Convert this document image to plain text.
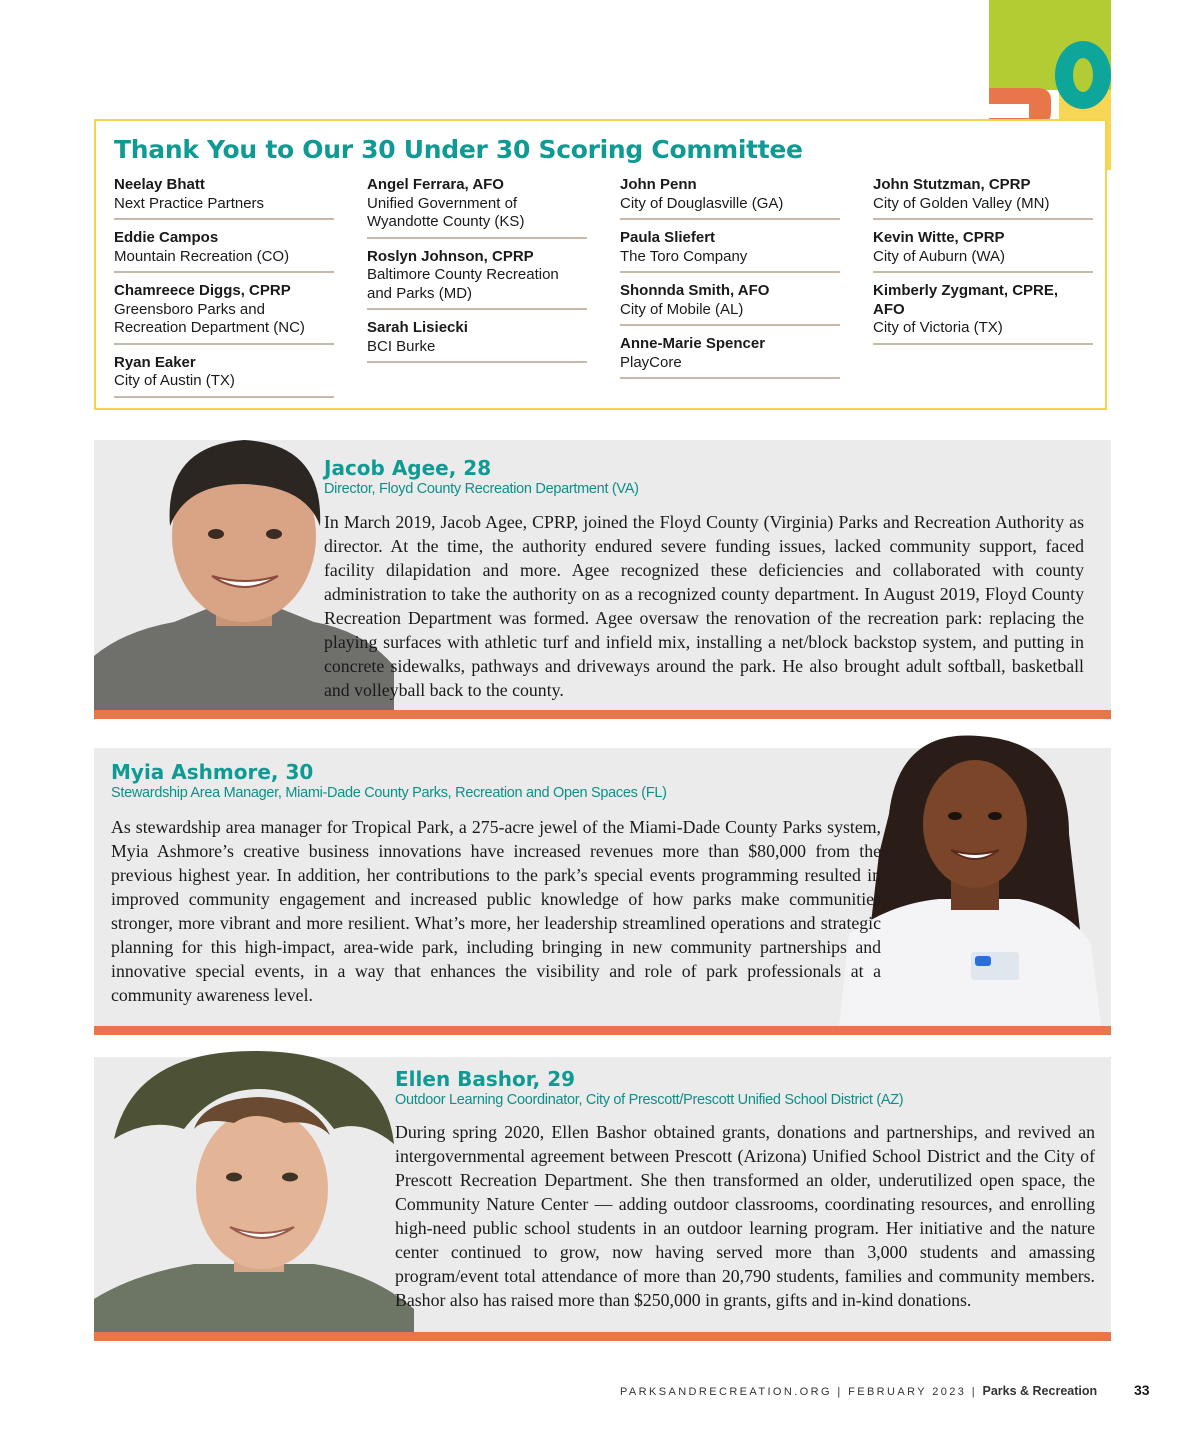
Thank You to Our 30 Under 30 Scoring Committee
Neelay Bhatt
Next Practice Partners
Eddie Campos
Mountain Recreation (CO)
Chamreece Diggs, CPRP
Greensboro Parks and Recreation Department (NC)
Ryan Eaker
City of Austin (TX)
Angel Ferrara, AFO
Unified Government of Wyandotte County (KS)
Roslyn Johnson, CPRP
Baltimore County Recreation and Parks (MD)
Sarah Lisiecki
BCI Burke
John Penn
City of Douglasville (GA)
Paula Sliefert
The Toro Company
Shonnda Smith, AFO
City of Mobile (AL)
Anne-Marie Spencer
PlayCore
John Stutzman, CPRP
City of Golden Valley (MN)
Kevin Witte, CPRP
City of Auburn (WA)
Kimberly Zygmant, CPRE, AFO
City of Victoria (TX)
Jacob Agee, 28
Director, Floyd County Recreation Department (VA)

In March 2019, Jacob Agee, CPRP, joined the Floyd County (Virginia) Parks and Recreation Authority as director. At the time, the authority endured severe funding issues, lacked community support, faced facility dilapidation and more. Agee recognized these deficiencies and collaborated with county administration to take the authority on as a recognized county department. In August 2019, Floyd County Recreation Department was formed. Agee oversaw the renovation of the recreation park: replacing the playing surfaces with athletic turf and infield mix, installing a net/block backstop system, and putting in concrete sidewalks, pathways and driveways around the park. He also brought adult softball, basketball and volleyball back to the county.

Myia Ashmore, 30
Stewardship Area Manager, Miami-Dade County Parks, Recreation and Open Spaces (FL)

As stewardship area manager for Tropical Park, a 275-acre jewel of the Miami-Dade County Parks system, Myia Ashmore’s creative business innovations have increased revenues more than $80,000 from the previous highest year. In addition, her contributions to the park’s special events programming resulted in improved community engagement and increased public knowledge of how parks make communities stronger, more vibrant and more resilient. What’s more, her leadership streamlined operations and strategic planning for this high-impact, area-wide park, including bringing in new community partnerships and innovative special events, in a way that enhances the visibility and role of park professionals at a community awareness level.

Ellen Bashor, 29
Outdoor Learning Coordinator, City of Prescott/Prescott Unified School District (AZ)

During spring 2020, Ellen Bashor obtained grants, donations and partnerships, and revived an intergovernmental agreement between Prescott (Arizona) Unified School District and the City of Prescott Recreation Department. She then transformed an older, underutilized open space, the Community Nature Center — adding outdoor classrooms, coordinating resources, and enrolling high-need public school students in an outdoor learning program. Her initiative and the nature center continued to grow, now having served more than 3,000 students and amassing program/event total attendance of more than 20,790 students, families and community members. Bashor also has raised more than $250,000 in grants, gifts and in-kind donations.

PARKSANDRECREATION.ORG | FEBRUARY 2023 | Parks & Recreation	33
